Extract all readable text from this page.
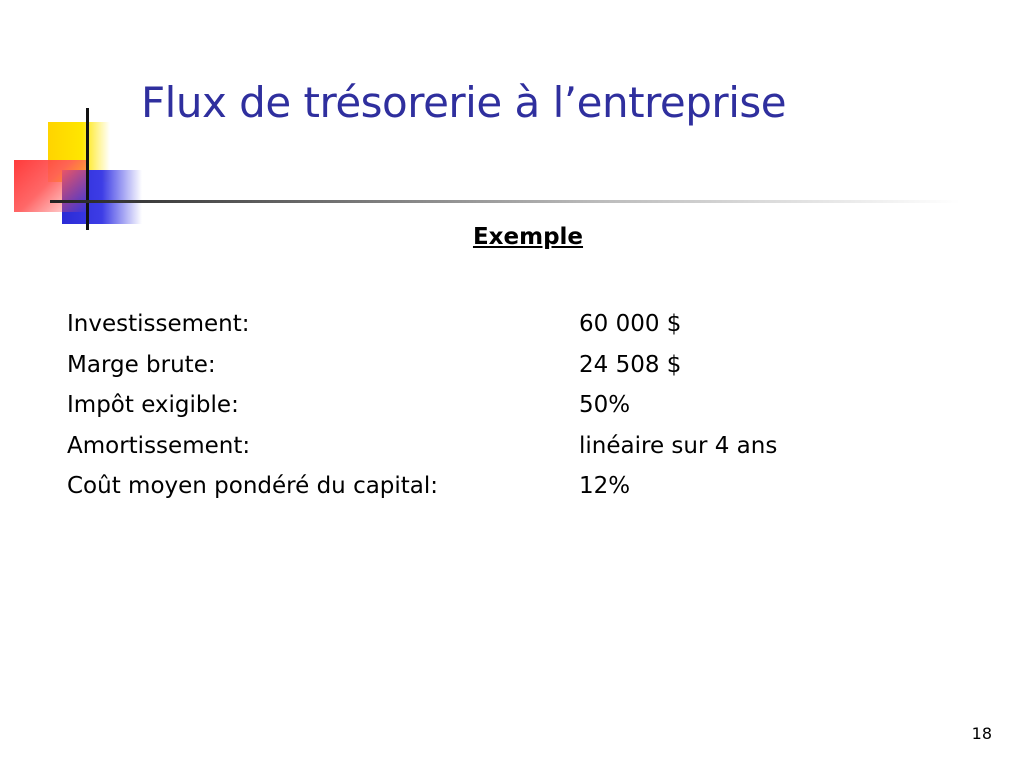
Flux de trésorerie à l’entreprise
Exemple
Investissement:	60 000 $
Marge brute:	24 508 $
Impôt exigible:	50%
Amortissement:	linéaire sur 4 ans
Coût moyen pondéré du capital:	12%
18
